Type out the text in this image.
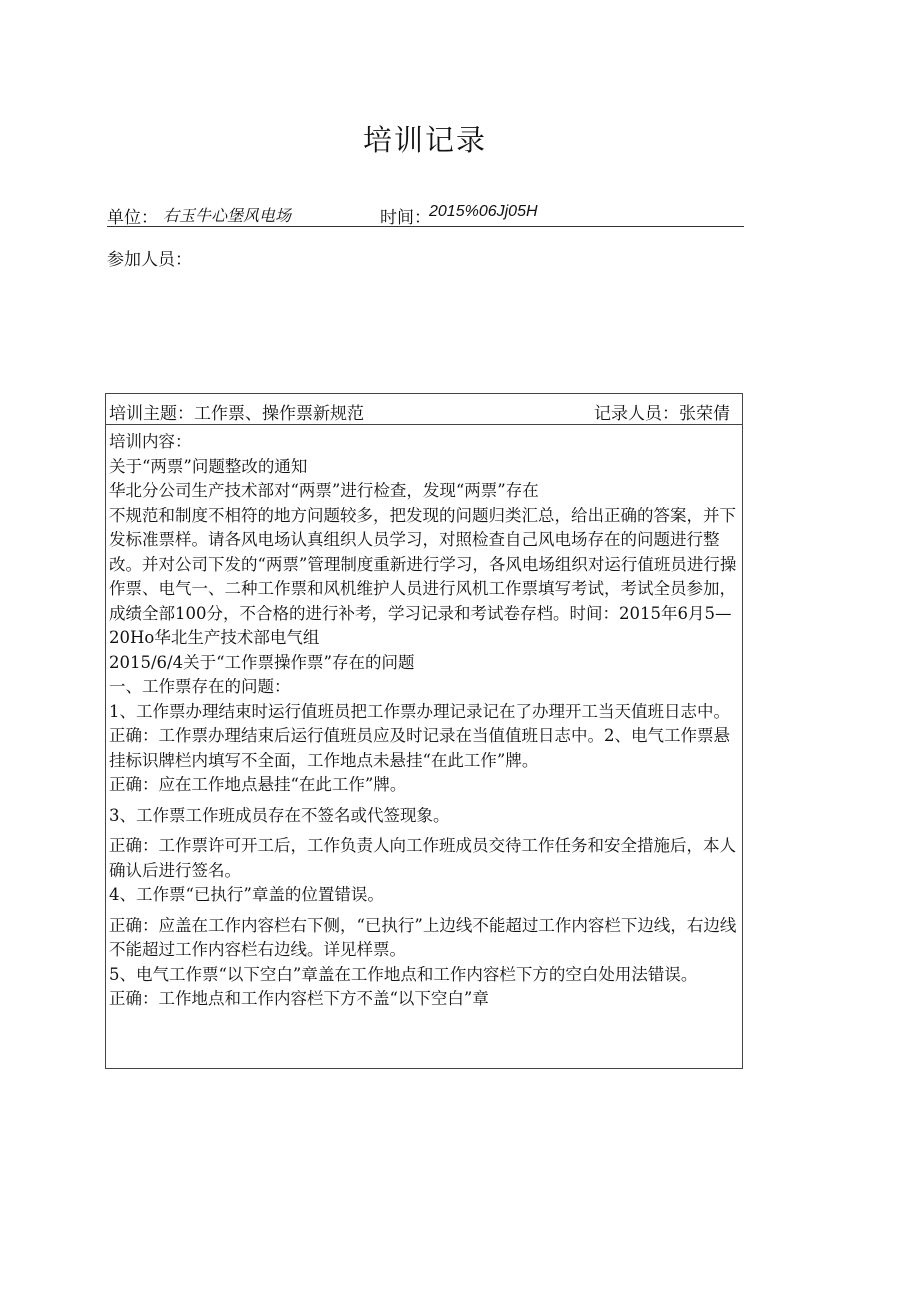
培训记录
单位： 右玉牛心堡风电场	时间：
2015%06Jj05H
参加人员：
培训主题：工作票、操作票新规范	记录人员：张荣倩

培训内容：

关于“两票”问题整改的通知

华北分公司生产技术部对“两票”进行检查，发现“两票”存在

不规范和制度不相符的地方问题较多，把发现的问题归类汇总，给出正确的答案，并下发标准票样。请各风电场认真组织人员学习，对照检查自己风电场存在的问题进行整改。并对公司下发的“两票”管理制度重新进行学习，各风电场组织对运行值班员进行操作票、电气一、二种工作票和风机维护人员进行风机工作票填写考试，考试全员参加，成绩全部100分，不合格的进行补考，学习记录和考试卷存档。时间：2015年6月5—20Ho华北生产技术部电气组

2015/6/4关于“工作票操作票”存在的问题

一、工作票存在的问题：

1、工作票办理结束时运行值班员把工作票办理记录记在了办理开工当天值班日志中。

正确：工作票办理结束后运行值班员应及时记录在当值值班日志中。2、电气工作票悬挂标识牌栏内填写不全面，工作地点未悬挂“在此工作”牌。

正确：应在工作地点悬挂“在此工作”牌。

3、工作票工作班成员存在不签名或代签现象。

正确：工作票许可开工后，工作负责人向工作班成员交待工作任务和安全措施后，本人确认后进行签名。

4、工作票“已执行”章盖的位置错误。

正确：应盖在工作内容栏右下侧，“已执行”上边线不能超过工作内容栏下边线，右边线不能超过工作内容栏右边线。详见样票。

5、电气工作票“以下空白”章盖在工作地点和工作内容栏下方的空白处用法错误。

正确：工作地点和工作内容栏下方不盖“以下空白”章
